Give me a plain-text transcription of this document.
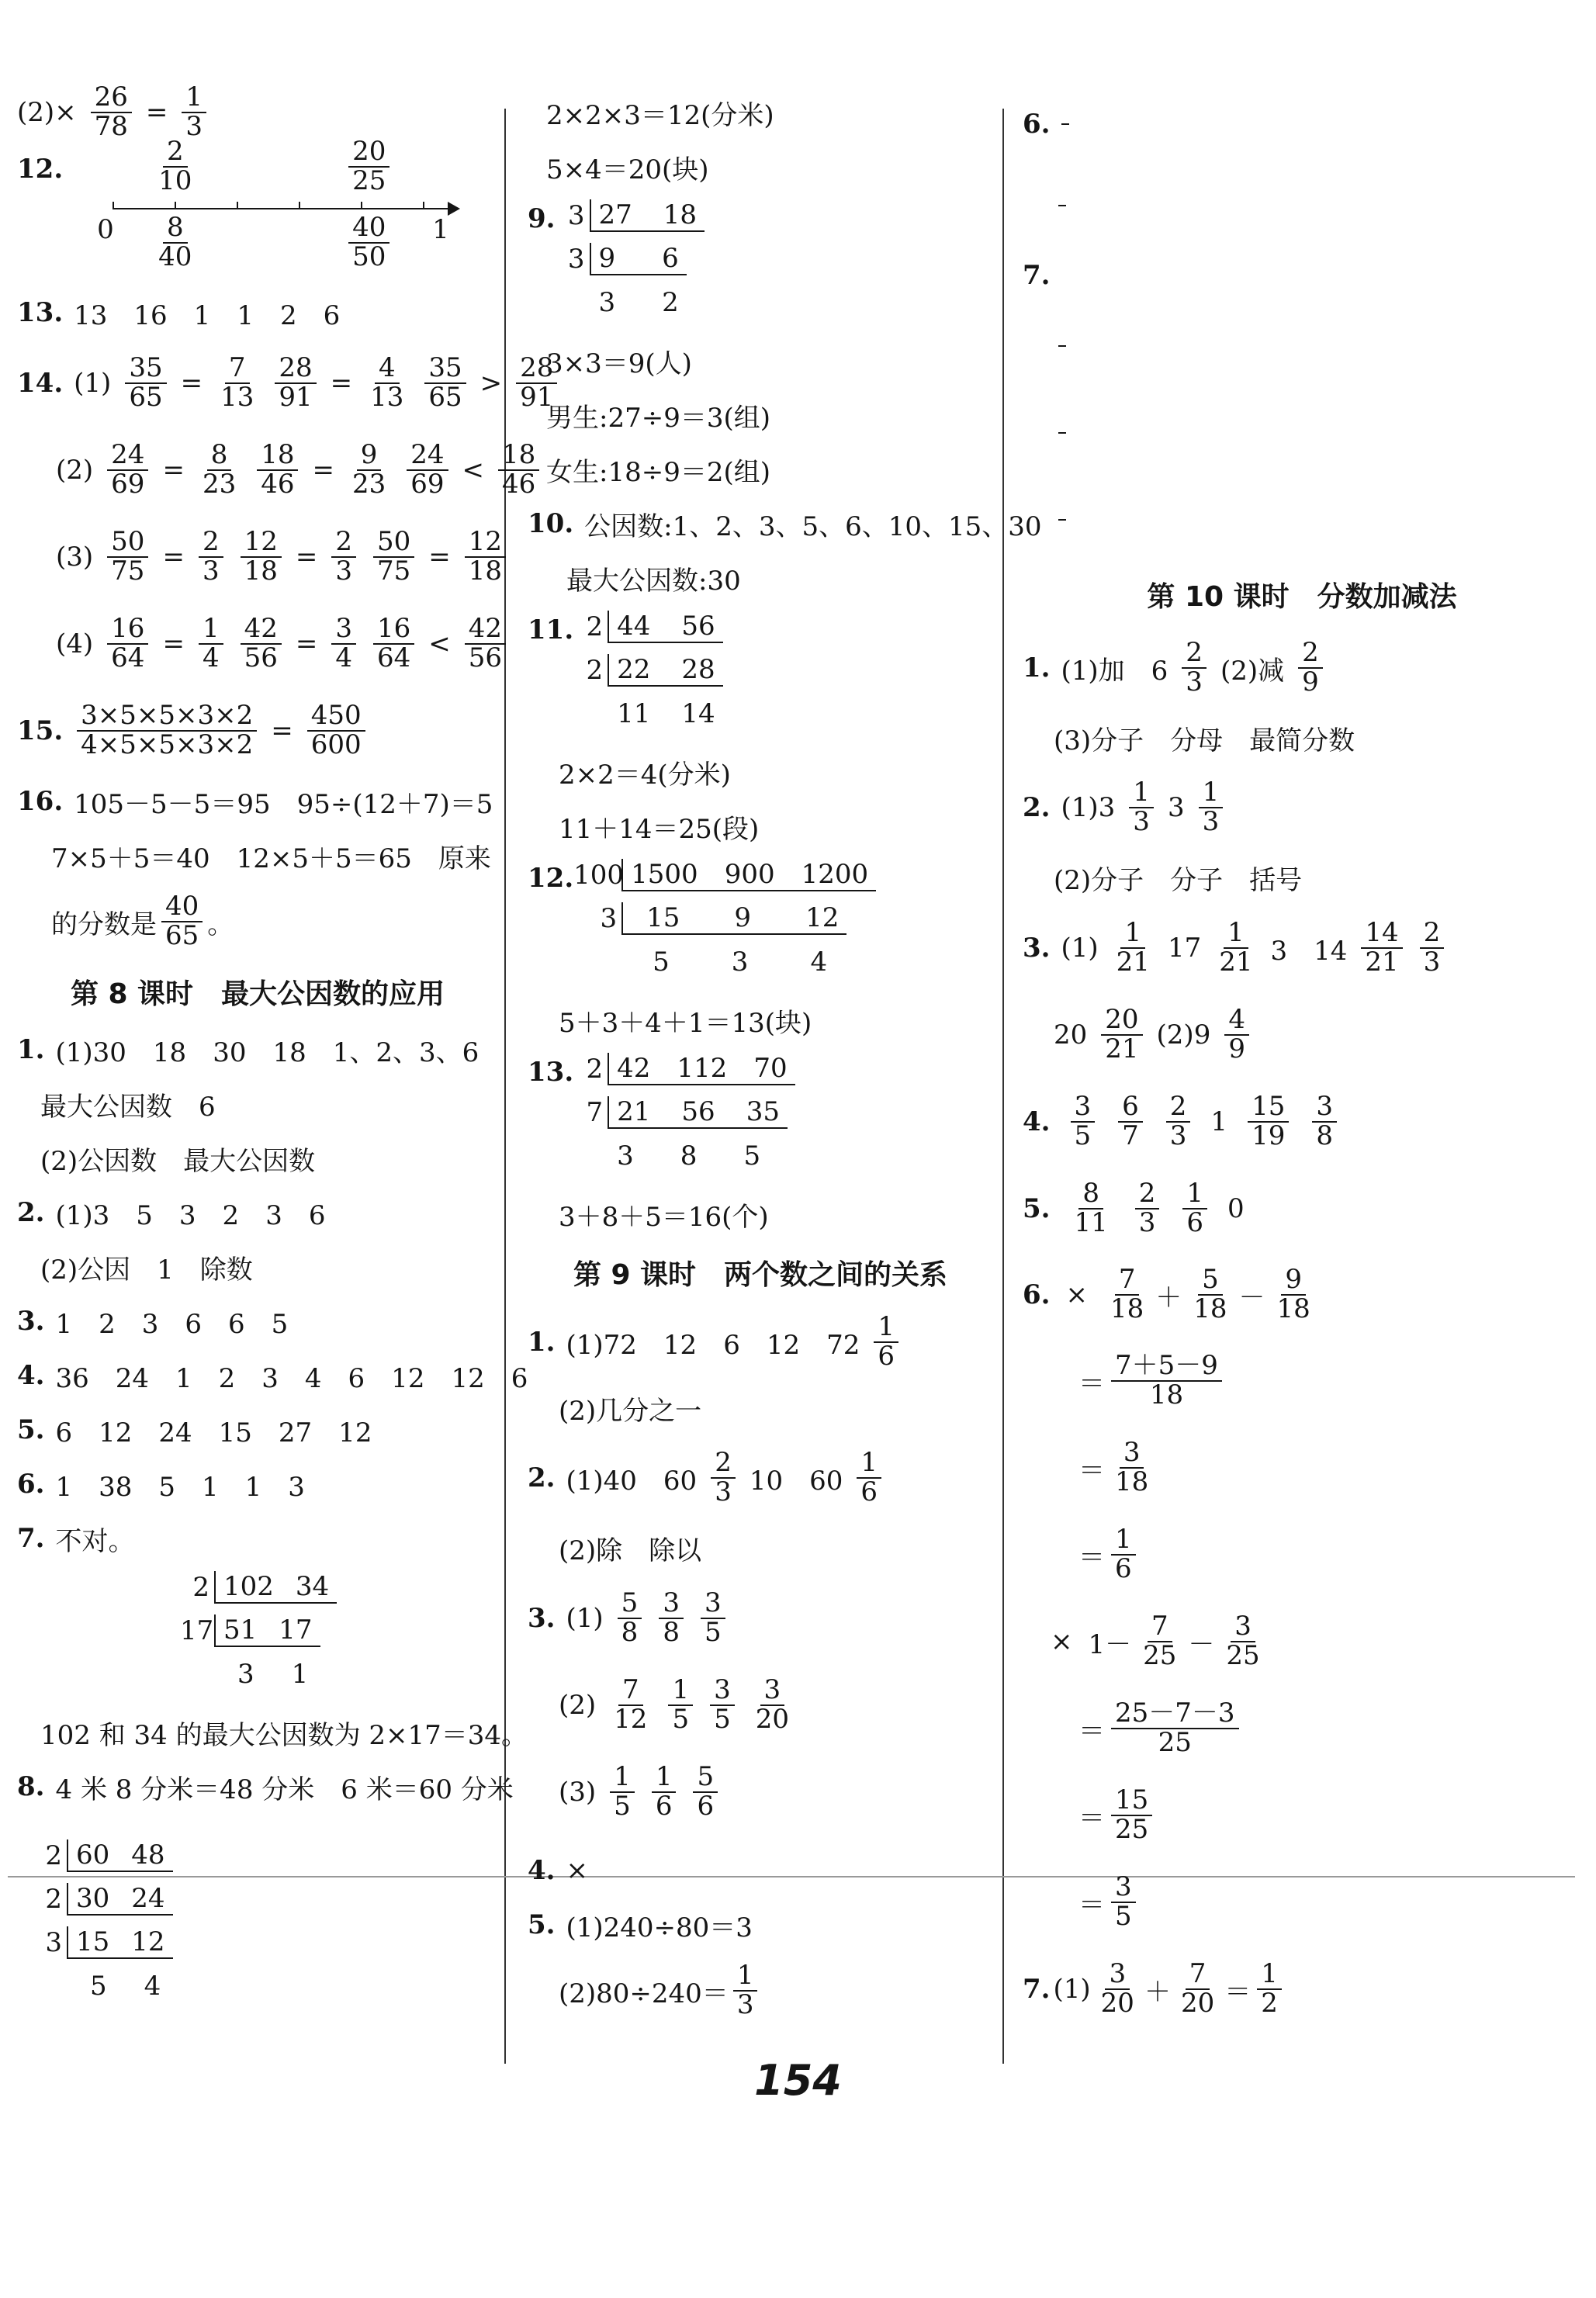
$(2)\times \frac{26}{78} = \frac{1}{3}$
12.
2
10
20
25
0	1
8
40
40
50
13. 13　16　1　1　2　6
14. (1) 35
65 = 7
13
28
91 = 4
13
35
65 > 28
91
(2) 24
69 = 8
23
18
46 = 9
23
24
69 < 18
46
(3) 50
75 = 2
3
12
18 = 2
$3 \frac{50}{75} = \frac{12}{18}$
(4) 16
64 = 1
4
42
56 = 3
4
16
64 < 42
56
15. 3×5×5×3×2
4×5×5×3×2 = 450
600
16. 105－5－5＝95　95÷(12＋7)＝5
7×5＋5＝40　12×5＋5＝65　原来
的分数是
40
65 。
第 8 课时　最大公因数的应用
1. (1)30　18　30　18　1、2、3、6
最大公因数　6
(2)公因数　最大公因数
2. (1)3　5　3　2　3　6
(2)公因　1　除数
3. 1　2　3　6　6　5
4. 36　24　1　2　3　4　6　12　12　6
5. 6　12　24　15　27　12
6. 1　38　5　1　1　3
7. 不对。
2 102 34
17 51 17
3 1
102 和 34 的最大公因数为 2×17＝34。
8. 4 米 8 分米＝48 分米　6 米＝60 分米
2 60 48
2 30 24
3 15 12
5 4
2×2×3＝12(分米)
5×4＝20(块)
9. 3 27 18
3 9 6
3 2
3×3＝9(人)
男生:27÷9＝3(组)
女生:18÷9＝2(组)
10. 公因数:1、2、3、5、6、10、15、30
最大公因数:30
11. 2 44 56
2 22 28
11 14
2×2＝4(分米)
11＋14＝25(段)
12. 100 1500 900 1200
3 15 9 12
5 3 4
5＋3＋4＋1＝13(块)
13. 2 42 112 70
7 21 56 35
3 8 5
3＋8＋5＝16(个)
第 9 课时　两个数之间的关系
1. (1)72　12　6　12　72
1
6
(2)几分之一
2. (1)40　60
2
3 10　60
1
6
(2)除　除以
3. (1) 5
8
3
8
3
5
(2) 7
12
1
5
3
5
3
20
(3) 1
5
1
6
5
6
4. ×
5. (1)240÷80＝3
(2)80÷240＝
1
3
6.
7.
第 10 课时　分数加减法
1. (1)加　6
2
3 (2)减
2
9
(3)分子　分母　最简分数
2. (1)3 1
3 3 1
3
(2)分子　分子　括号
3. (1) 1
21 17 1
21 3　14
14
21
2
3
20 20
21 (2)9 4
9
4. 3
5
6
7
2
3 1 15
19
3
8
5. 8
11
2
3
1
6 0
6. × $\frac{7}{18}$ ＋
5
18 －
9
18
＝
7＋5－9
18
＝
3
18
＝
1
6
× 1－
7
25 －
3
25
＝
25－7－3
25
＝
15
25
＝
3
5
7. (1) 3
20 ＋
7
20 ＝
1
2
154
